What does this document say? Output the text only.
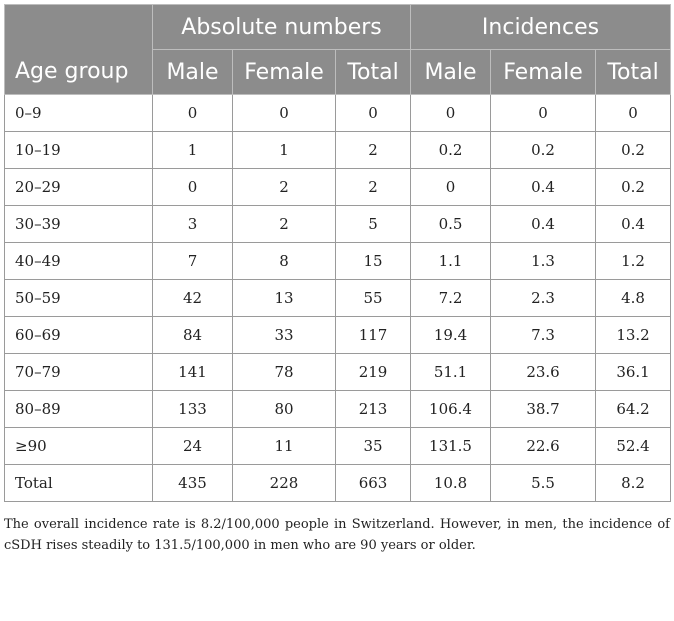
Age group	Absolute numbers			Incidences		
	Male	Female	Total	Male	Female	Total
0–9	0	0	0	0	0	0
10–19	1	1	2	0.2	0.2	0.2
20–29	0	2	2	0	0.4	0.2
30–39	3	2	5	0.5	0.4	0.4
40–49	7	8	15	1.1	1.3	1.2
50–59	42	13	55	7.2	2.3	4.8
60–69	84	33	117	19.4	7.3	13.2
70–79	141	78	219	51.1	23.6	36.1
80–89	133	80	213	106.4	38.7	64.2
≥90	24	11	35	131.5	22.6	52.4
Total	435	228	663	10.8	5.5	8.2
The overall incidence rate is 8.2/100,000 people in Switzerland. However, in men, the incidence of cSDH rises steadily to 131.5/100,000 in men who are 90 years or older.
